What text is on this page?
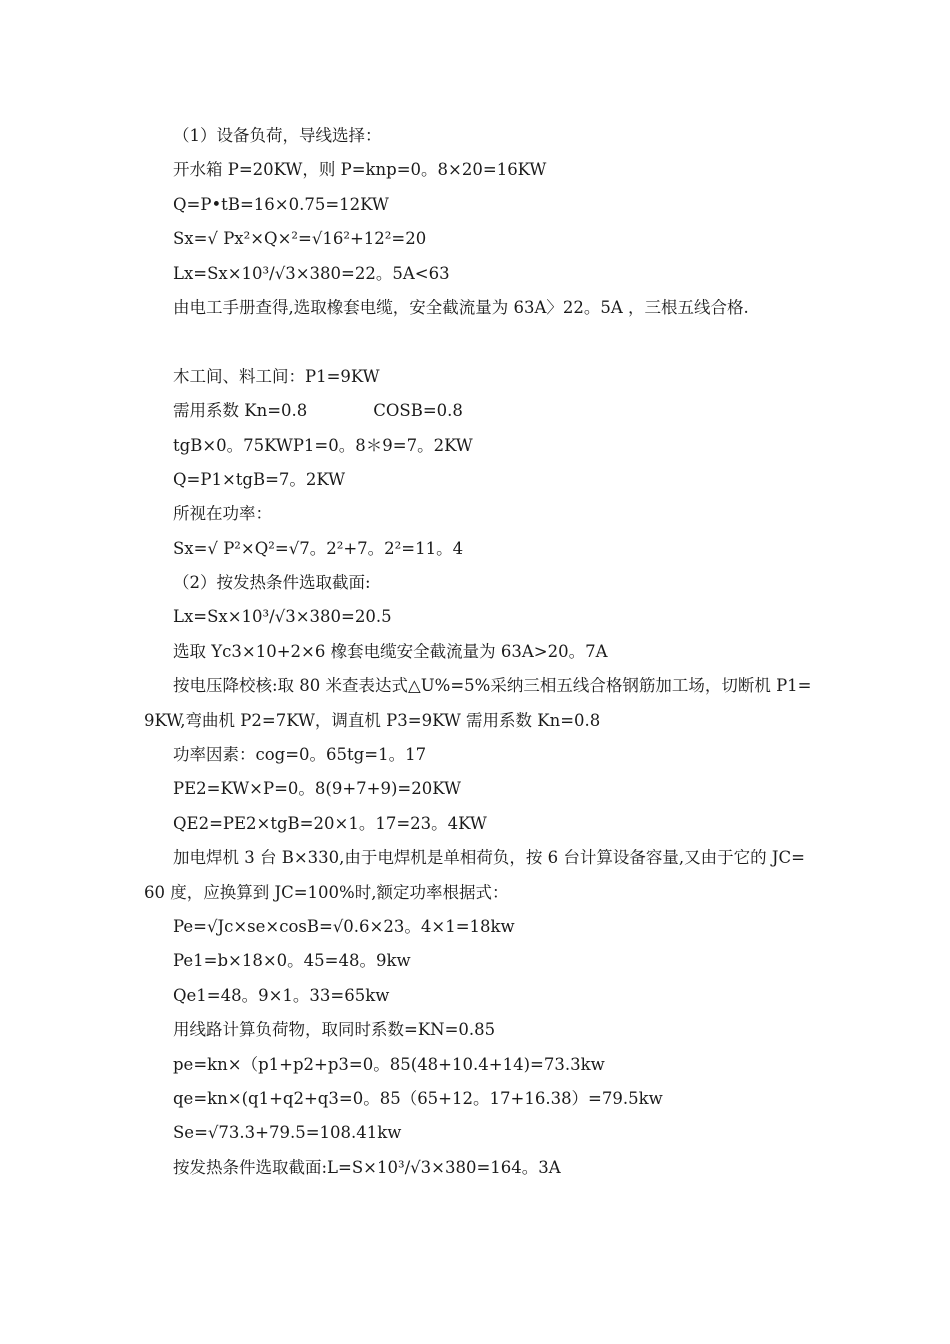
（1）设备负荷，导线选择：
开水箱 P=20KW，则 P=knp=0。8×20=16KW
Q=P•tB=16×0.75=12KW
Sx=√ Px²×Q×²=√16²+12²=20
Lx=Sx×10³/√3×380=22。5A<63
由电工手册查得,选取橡套电缆，安全截流量为 63A〉22。5A ，三根五线合格.
木工间、料工间：P1=9KW
需用系数 Kn=0.8	COSB=0.8
tgB×0。75KWP1=0。8＊9=7。2KW
Q=P1×tgB=7。2KW
所视在功率：
Sx=√ P²×Q²=√7。2²+7。2²=11。4
（2）按发热条件选取截面:
Lx=Sx×10³/√3×380=20.5
选取 Yc3×10+2×6 橡套电缆安全截流量为 63A>20。7A
按电压降校核:取 80 米查表达式△U%=5%采纳三相五线合格钢筋加工场，切断机 P1=9KW,弯曲机 P2=7KW，调直机 P3=9KW 需用系数 Kn=0.8
功率因素：cog=0。65tg=1。17
PE2=KW×P=0。8(9+7+9)=20KW
QE2=PE2×tgB=20×1。17=23。4KW
加电焊机 3 台 B×330,由于电焊机是单相荷负，按 6 台计算设备容量,又由于它的 JC=60 度，应换算到 JC=100%时,额定功率根据式：
Pe=√Jc×se×cosB=√0.6×23。4×1=18kw
Pe1=b×18×0。45=48。9kw
Qe1=48。9×1。33=65kw
用线路计算负荷物，取同时系数=KN=0.85
pe=kn×（p1+p2+p3=0。85(48+10.4+14)=73.3kw
qe=kn×(q1+q2+q3=0。85（65+12。17+16.38）=79.5kw
Se=√73.3+79.5=108.41kw
按发热条件选取截面:L=S×10³/√3×380=164。3A
